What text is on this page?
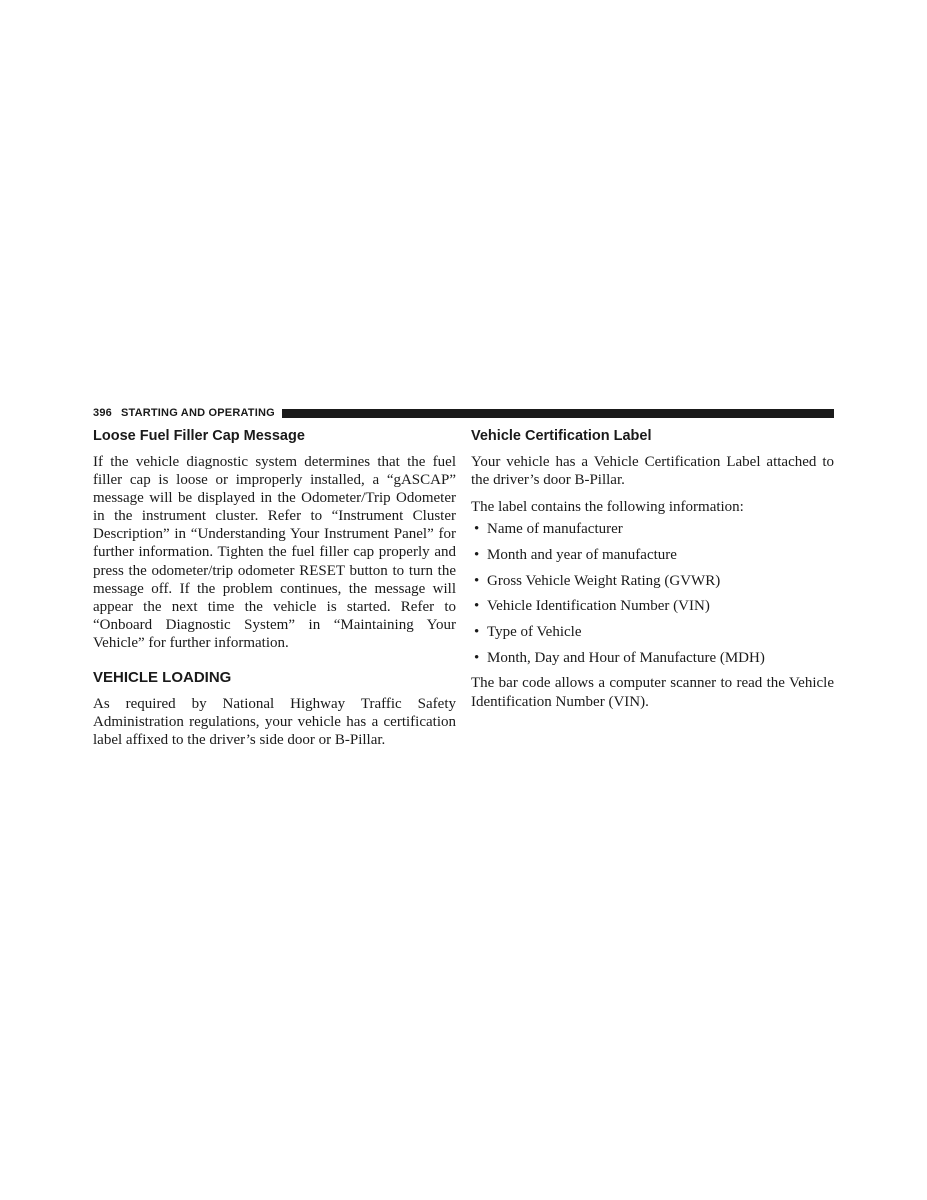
396 STARTING AND OPERATING
Loose Fuel Filler Cap Message

If the vehicle diagnostic system determines that the fuel filler cap is loose or improperly installed, a “gASCAP” message will be displayed in the Odometer/Trip Odometer in the instrument cluster. Refer to “Instrument Cluster Description” in “Understanding Your Instrument Panel” for further information. Tighten the fuel filler cap properly and press the odometer/trip odometer RESET button to turn the message off. If the problem continues, the message will appear the next time the vehicle is started. Refer to “Onboard Diagnostic System” in “Maintaining Your Vehicle” for further information.

VEHICLE LOADING

As required by National Highway Traffic Safety Administration regulations, your vehicle has a certification label affixed to the driver’s side door or B-Pillar.

Vehicle Certification Label

Your vehicle has a Vehicle Certification Label attached to the driver’s door B-Pillar.

The label contains the following information:

• Name of manufacturer
• Month and year of manufacture
• Gross Vehicle Weight Rating (GVWR)
• Vehicle Identification Number (VIN)
• Type of Vehicle
• Month, Day and Hour of Manufacture (MDH)

The bar code allows a computer scanner to read the Vehicle Identification Number (VIN).
